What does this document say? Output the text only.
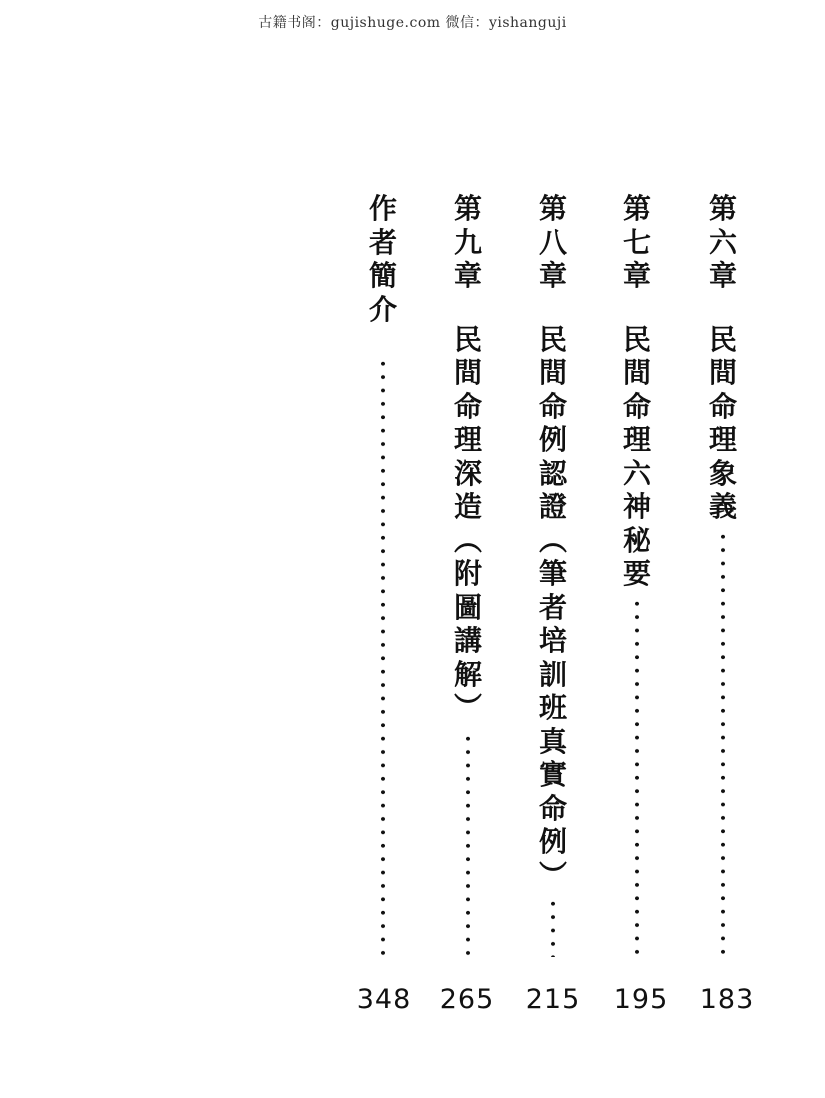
古籍书阁：gujishuge.com 微信：yishanguji
第
六
章
民
間
命
理
象
義
183
第
七
章
民
間
命
理
六
神
秘
要
195
第
八
章
民
間
命
例
認
證
︵
筆
者
培
訓
班
真
實
命
例
︶
215
第
九
章
民
間
命
理
深
造
︵
附
圖
講
解
︶
265
作
者
簡
介
348
